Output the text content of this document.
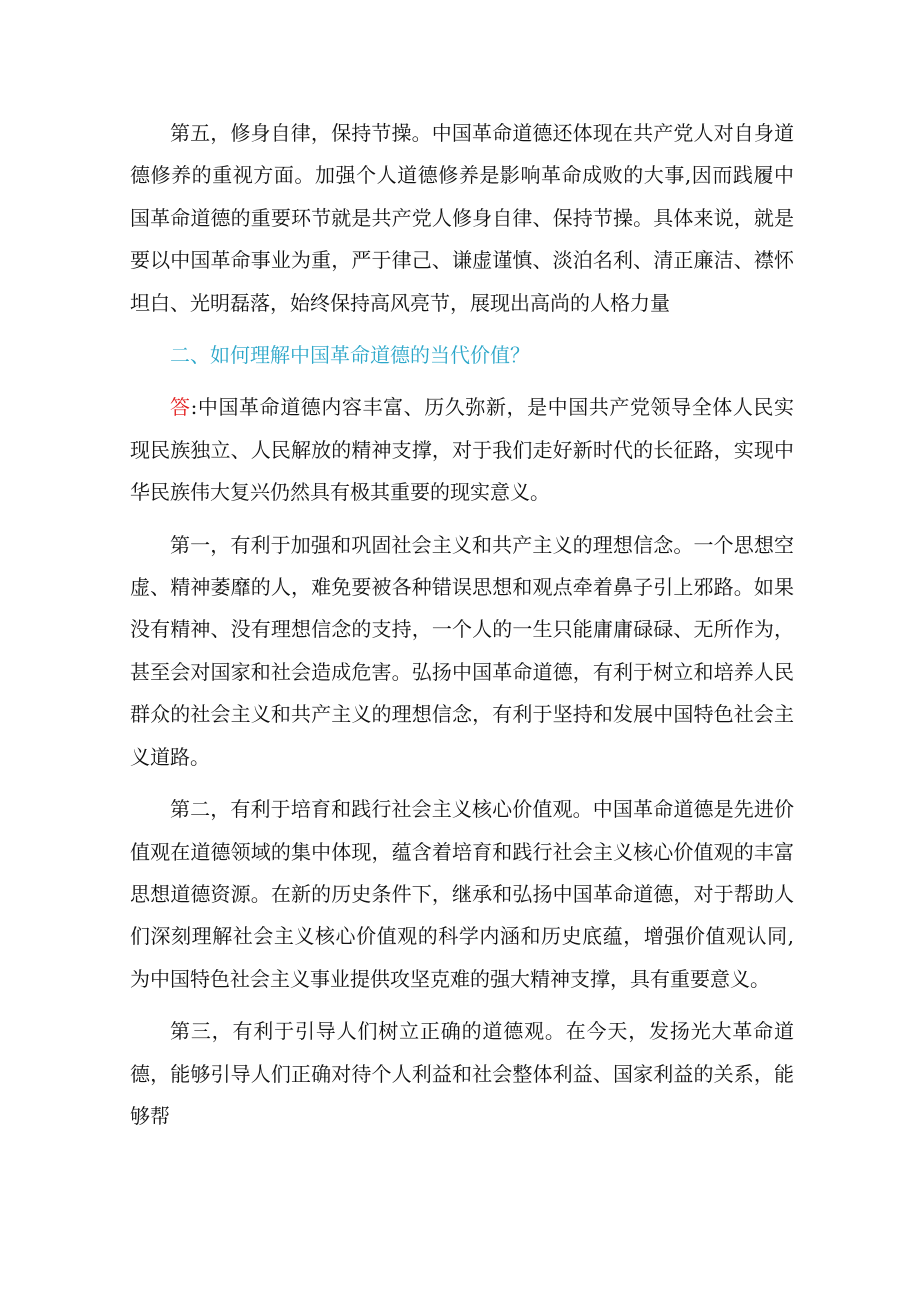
第五，修身自律，保持节操。中国革命道德还体现在共产党人对自身道德修养的重视方面。加强个人道德修养是影响革命成败的大事,因而践履中国革命道德的重要环节就是共产党人修身自律、保持节操。具体来说，就是要以中国革命事业为重，严于律己、谦虚谨慎、淡泊名利、清正廉洁、襟怀坦白、光明磊落，始终保持高风亮节，展现出高尚的人格力量

二、如何理解中国革命道德的当代价值？

答:中国革命道德内容丰富、历久弥新，是中国共产党领导全体人民实现民族独立、人民解放的精神支撑，对于我们走好新时代的长征路，实现中华民族伟大复兴仍然具有极其重要的现实意义。

第一，有利于加强和巩固社会主义和共产主义的理想信念。一个思想空虚、精神萎靡的人，难免要被各种错误思想和观点牵着鼻子引上邪路。如果没有精神、没有理想信念的支持，一个人的一生只能庸庸碌碌、无所作为，甚至会对国家和社会造成危害。弘扬中国革命道德，有利于树立和培养人民群众的社会主义和共产主义的理想信念，有利于坚持和发展中国特色社会主义道路。

第二，有利于培育和践行社会主义核心价值观。中国革命道德是先进价值观在道德领域的集中体现，蕴含着培育和践行社会主义核心价值观的丰富思想道德资源。在新的历史条件下，继承和弘扬中国革命道德，对于帮助人们深刻理解社会主义核心价值观的科学内涵和历史底蕴，增强价值观认同,为中国特色社会主义事业提供攻坚克难的强大精神支撑，具有重要意义。

第三，有利于引导人们树立正确的道德观。在今天，发扬光大革命道德，能够引导人们正确对待个人利益和社会整体利益、国家利益的关系，能够帮
